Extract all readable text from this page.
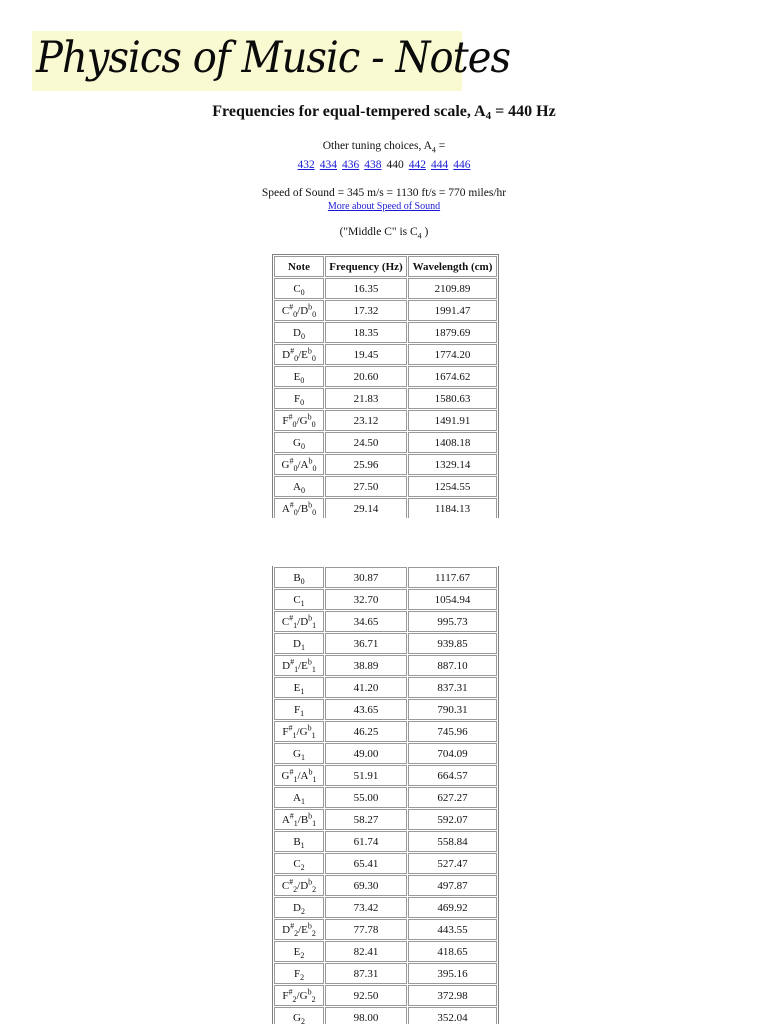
Physics of Music - Notes
Frequencies for equal-tempered scale, $A_4 = 440$ Hz
Other tuning choices, $A_4$ =
432 434 436 438 440 442 444 446
Speed of Sound = 345 m/s = 1130 ft/s = 770 miles/hr
More about Speed of Sound
("Middle C" is $C_4$ )
Note	Frequency (Hz)	Wavelength (cm)
$C_0$	16.35	2109.89
$C^{\#}_0/D^b_0$	17.32	1991.47
$D_0$	18.35	1879.69
$D^{\#}_0/E^b_0$	19.45	1774.20
$E_0$	20.60	1674.62
$F_0$	21.83	1580.63
$F^{\#}_0/G^b_0$	23.12	1491.91
$G_0$	24.50	1408.18
$G^{\#}_0/A^b_0$	25.96	1329.14
$A_0$	27.50	1254.55
$A^{\#}_0/B^b_0$	29.14	1184.13

$B_0$	30.87	1117.67
$C_1$	32.70	1054.94
$C^{\#}_1/D^b_1$	34.65	995.73
$D_1$	36.71	939.85
$D^{\#}_1/E^b_1$	38.89	887.10
$E_1$	41.20	837.31
$F_1$	43.65	790.31
$F^{\#}_1/G^b_1$	46.25	745.96
$G_1$	49.00	704.09
$G^{\#}_1/A^b_1$	51.91	664.57
$A_1$	55.00	627.27
$A^{\#}_1/B^b_1$	58.27	592.07
$B_1$	61.74	558.84
$C_2$	65.41	527.47
$C^{\#}_2/D^b_2$	69.30	497.87
$D_2$	73.42	469.92
$D^{\#}_2/E^b_2$	77.78	443.55
$E_2$	82.41	418.65
$F_2$	87.31	395.16
$F^{\#}_2/G^b_2$	92.50	372.98
$G_2$	98.00	352.04
